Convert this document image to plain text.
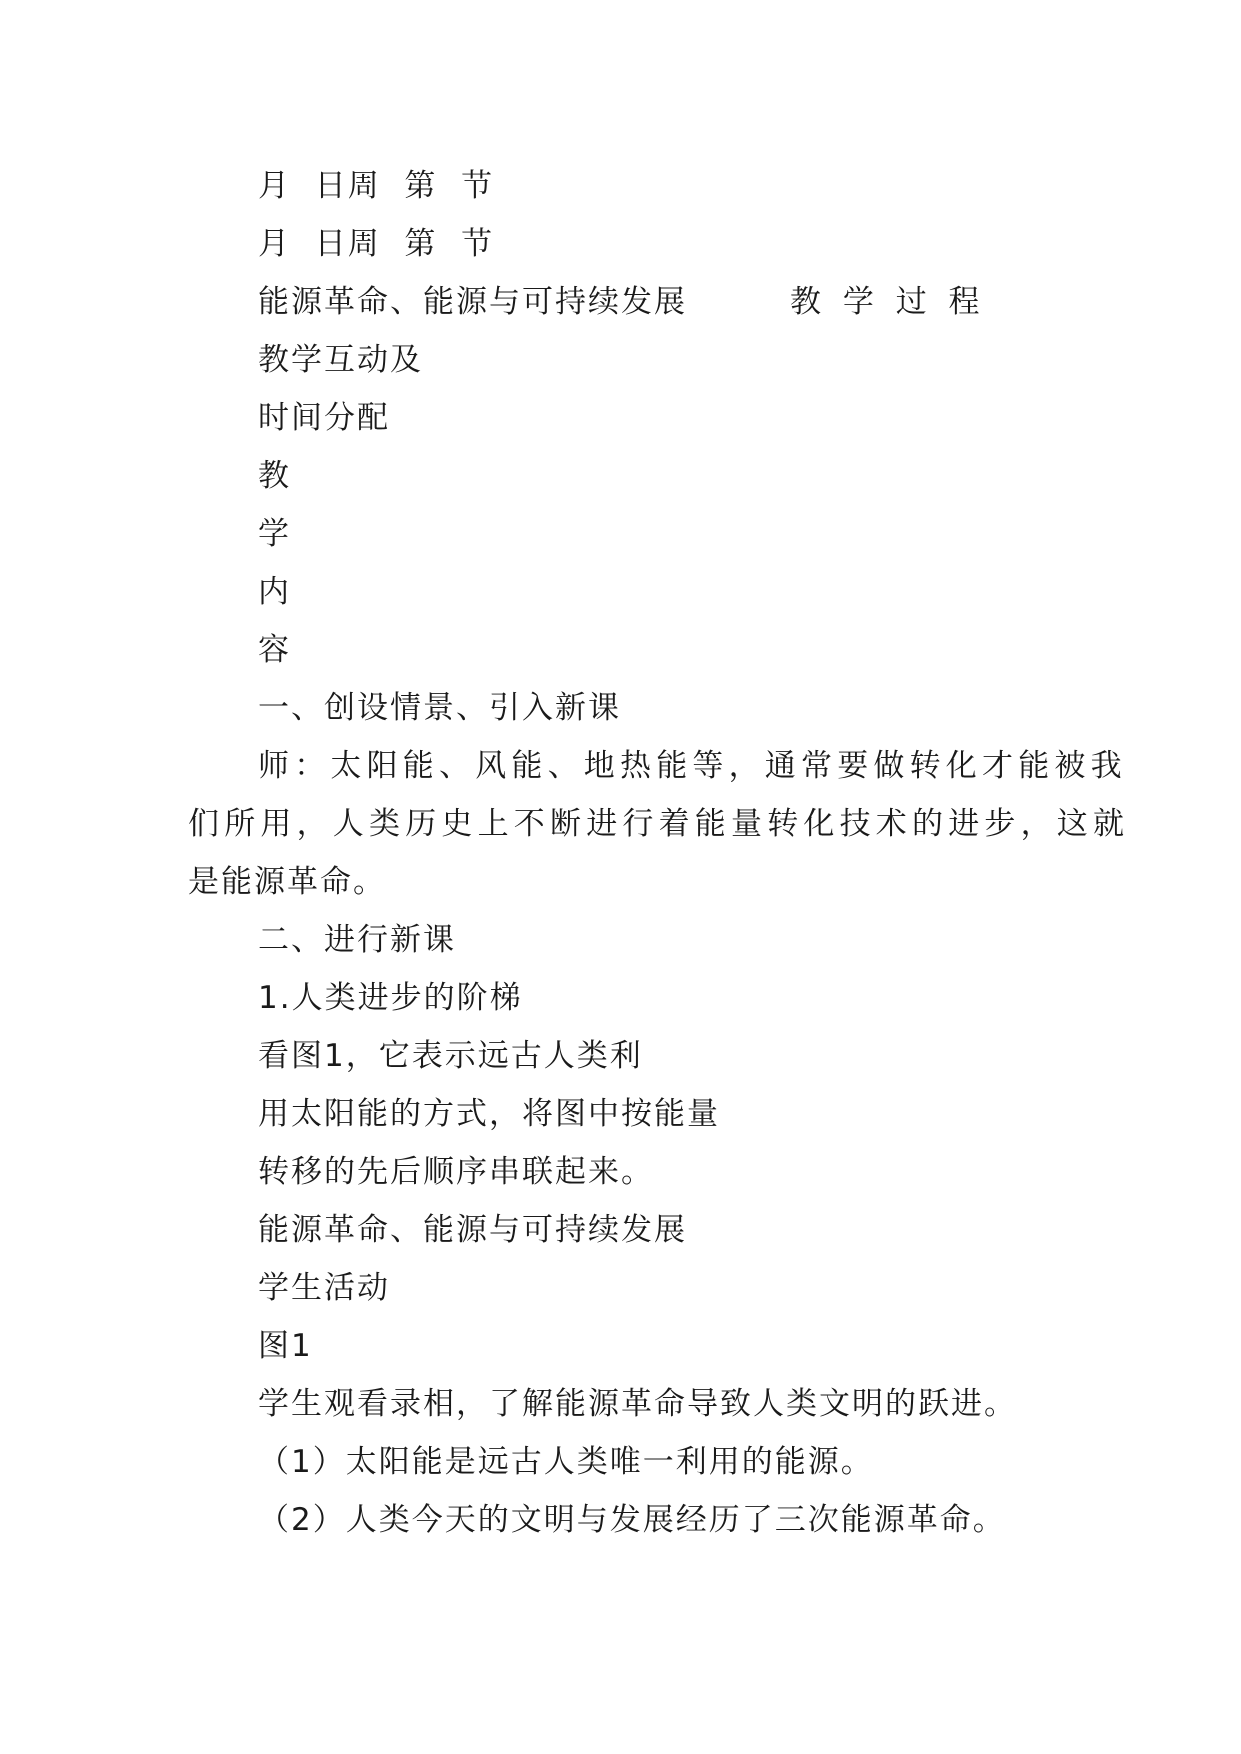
月  日周  第  节
月  日周  第  节
能源革命、能源与可持续发展	教 学 过 程
教学互动及
时间分配
教
学
内
容
一、创设情景、引入新课
师：太阳能、风能、地热能等，通常要做转化才能被我
们所用，人类历史上不断进行着能量转化技术的进步，这就
是能源革命。
二、进行新课
1.人类进步的阶梯
看图1，它表示远古人类利
用太阳能的方式，将图中按能量
转移的先后顺序串联起来。
能源革命、能源与可持续发展
学生活动
图1
学生观看录相，了解能源革命导致人类文明的跃进。
（1）太阳能是远古人类唯一利用的能源。
（2）人类今天的文明与发展经历了三次能源革命。
